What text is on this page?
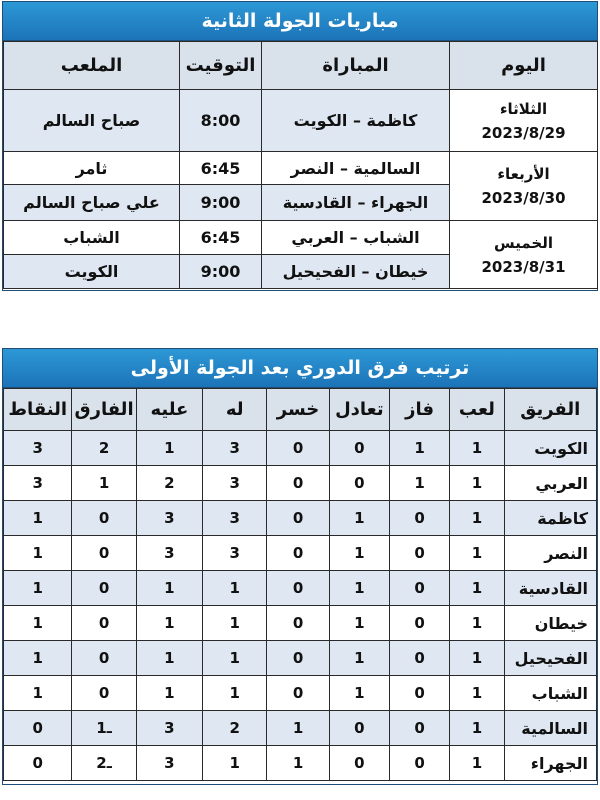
مباريات الجولة الثانية
اليوم	المباراة	التوقيت	الملعب
الثلاثاء
2023/8/29	كاظمة – الكويت	8:00	صباح السالم
الأربعاء
2023/8/30	السالمية – النصر	6:45	ثامر
	الجهراء – القادسية	9:00	علي صباح السالم
الخميس
2023/8/31	الشباب – العربي	6:45	الشباب
	خيطان – الفحيحيل	9:00	الكويت
ترتيب فرق الدوري بعد الجولة الأولى
الفريق	لعب	فاز	تعادل	خسر	له	عليه	الفارق	النقاط
الكويت	1	1	0	0	3	1	2	3
العربي	1	1	0	0	3	2	1	3
كاظمة	1	0	1	0	3	3	0	1
النصر	1	0	1	0	3	3	0	1
القادسية	1	0	1	0	1	1	0	1
خيطان	1	0	1	0	1	1	0	1
الفحيحيل	1	0	1	0	1	1	0	1
الشباب	1	0	1	0	1	1	0	1
السالمية	1	0	0	1	2	3	ـ1	0
الجهراء	1	0	0	1	1	3	ـ2	0
